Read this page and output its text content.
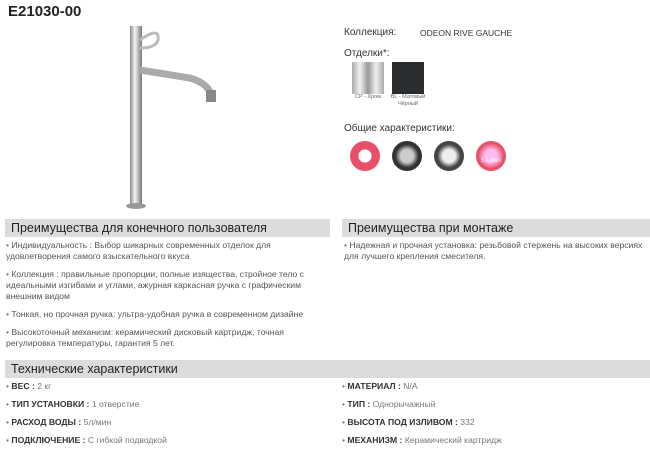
E21030-00
Коллекция:	ODEON RIVE GAUCHE
Отделки*:
CP - Хром	BL - Матовый Чёрный
Общие характеристики:
5 L/min
Преимущества для конечного пользователя
• Индивидуальность : Выбор шикарных современных отделок для удовлетворения самого взыскательного вкуса
• Коллекция : правильные пропорции, полные изящества, стройное тело с идеальными изгибами и углами, ажурная каркасная ручка с графическим внешним видом
• Тонкая, но прочная ручка: ультра-удобная ручка в современном дизайне
• Высокоточный механизм: керамический дисковый картридж, точная регулировка температуры, гарантия 5 лет.
Преимущества при монтаже
• Надежная и прочная установка: резьбовой стержень на высоких версиях для лучшего крепления смесителя.
Технические характеристики
• ВЕС : 2 кг
• ТИП УСТАНОВКИ : 1 отверстие
• РАСХОД ВОДЫ : 5л/мин
• ПОДКЛЮЧЕНИЕ : С гибкой подводкой
• МАТЕРИАЛ : N/A
• ТИП : Однорычажный
• ВЫСОТА ПОД ИЗЛИВОМ : 332
• МЕХАНИЗМ : Керамический картридж
